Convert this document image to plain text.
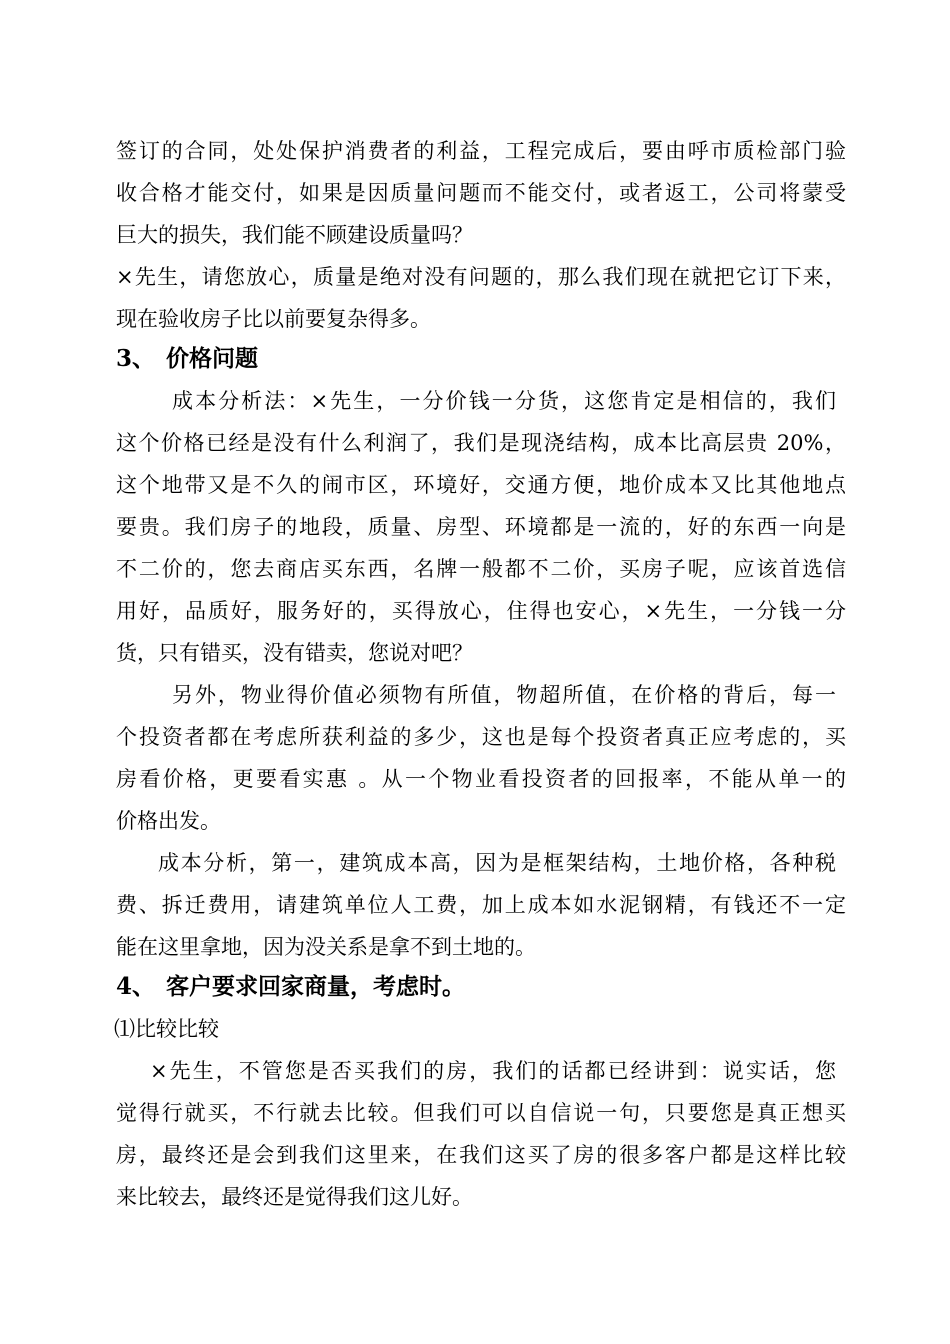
签订的合同，处处保护消费者的利益，工程完成后，要由呼市质检部门验
收合格才能交付，如果是因质量问题而不能交付，或者返工，公司将蒙受
巨大的损失，我们能不顾建设质量吗？
×先生，请您放心，质量是绝对没有问题的，那么我们现在就把它订下来，
现在验收房子比以前要复杂得多。
3、 价格问题
成本分析法：×先生，一分价钱一分货，这您肯定是相信的，我们
这个价格已经是没有什么利润了，我们是现浇结构，成本比高层贵 20%，
这个地带又是不久的闹市区，环境好，交通方便，地价成本又比其他地点
要贵。我们房子的地段，质量、房型、环境都是一流的，好的东西一向是
不二价的，您去商店买东西，名牌一般都不二价，买房子呢，应该首选信
用好，品质好，服务好的，买得放心，住得也安心，×先生，一分钱一分
货，只有错买，没有错卖，您说对吧？
另外，物业得价值必须物有所值，物超所值，在价格的背后，每一
个投资者都在考虑所获利益的多少，这也是每个投资者真正应考虑的，买
房看价格，更要看实惠 。从一个物业看投资者的回报率，不能从单一的
价格出发。
成本分析，第一，建筑成本高，因为是框架结构，土地价格，各种税
费、拆迁费用，请建筑单位人工费，加上成本如水泥钢精，有钱还不一定
能在这里拿地，因为没关系是拿不到土地的。
4、 客户要求回家商量，考虑时。
⑴比较比较
×先生，不管您是否买我们的房，我们的话都已经讲到：说实话，您
觉得行就买，不行就去比较。但我们可以自信说一句，只要您是真正想买
房，最终还是会到我们这里来，在我们这买了房的很多客户都是这样比较
来比较去，最终还是觉得我们这儿好。
